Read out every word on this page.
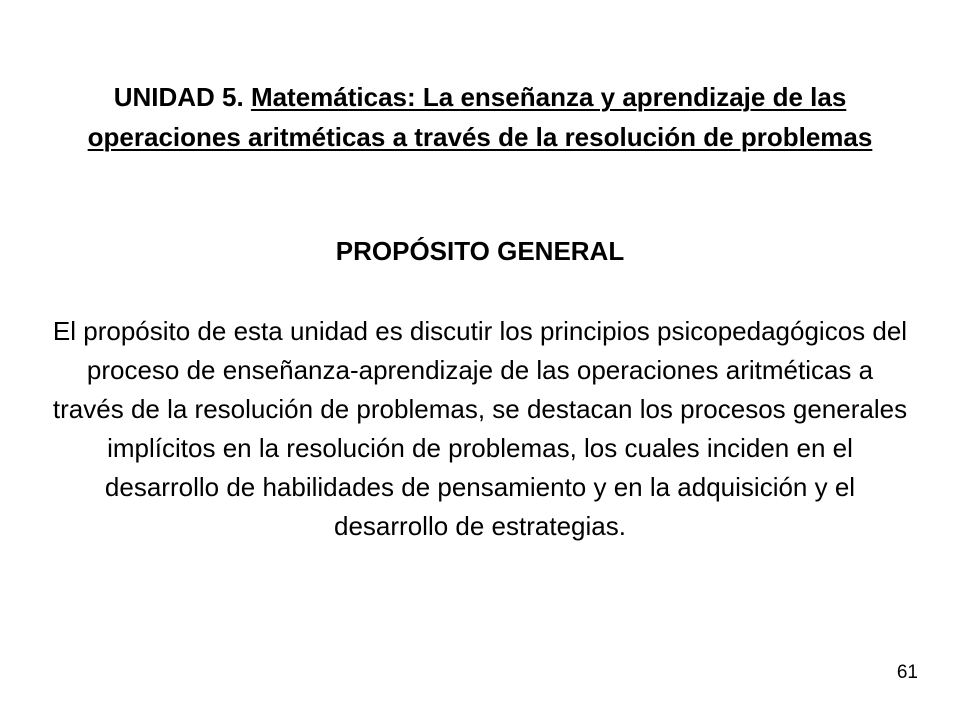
UNIDAD 5. Matemáticas: La enseñanza y aprendizaje de las operaciones aritméticas a través de la resolución de problemas
PROPÓSITO GENERAL
El propósito de esta unidad es discutir los principios psicopedagógicos del proceso de enseñanza-aprendizaje de las operaciones aritméticas a través de la resolución de problemas, se destacan los procesos generales implícitos en la resolución de problemas, los cuales inciden en el desarrollo de habilidades de pensamiento y en la adquisición y el desarrollo de estrategias.
61
